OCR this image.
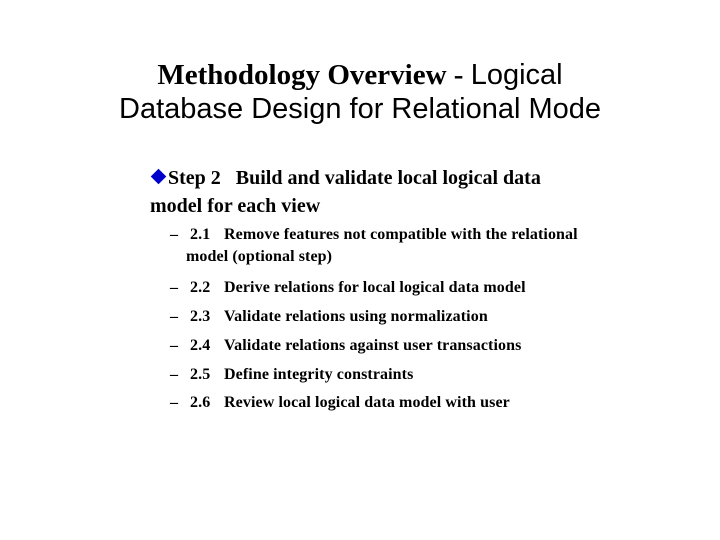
Methodology Overview - Logical
Database Design for Relational Mode
Step 2   Build and validate local logical data
model for each view
– 2.1 Remove features not compatible with the relational
model (optional step)
– 2.2 Derive relations for local logical data model
– 2.3 Validate relations using normalization
– 2.4 Validate relations against user transactions
– 2.5 Define integrity constraints
– 2.6 Review local logical data model with user
